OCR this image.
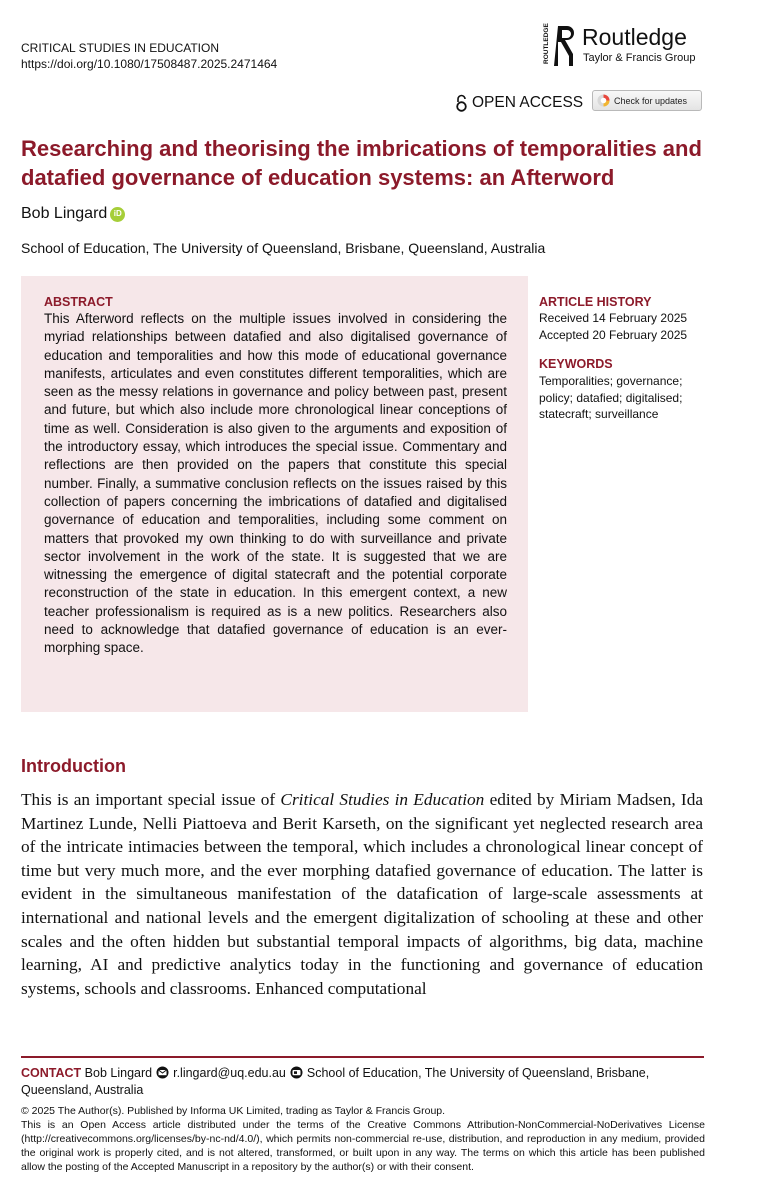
CRITICAL STUDIES IN EDUCATION
https://doi.org/10.1080/17508487.2025.2471464	ROUTLEDGE Routledge
Taylor & Francis Group
OPEN ACCESS	Check for updates
Researching and theorising the imbrications of temporalities and datafied governance of education systems: an Afterword
Bob Lingard iD
School of Education, The University of Queensland, Brisbane, Queensland, Australia
ABSTRACT

This Afterword reflects on the multiple issues involved in considering the myriad relationships between datafied and also digitalised governance of education and temporalities and how this mode of educational governance manifests, articulates and even constitutes different temporalities, which are seen as the messy relations in governance and policy between past, present and future, but which also include more chronological linear conceptions of time as well. Consideration is also given to the arguments and exposition of the introductory essay, which introduces the special issue. Commentary and reflections are then provided on the papers that constitute this special number. Finally, a summative conclusion reflects on the issues raised by this collection of papers concerning the imbrications of datafied and digitalised governance of education and temporalities, including some comment on matters that provoked my own thinking to do with surveillance and private sector involvement in the work of the state. It is suggested that we are witnessing the emergence of digital statecraft and the potential corporate reconstruction of the state in education. In this emergent context, a new teacher professionalism is required as is a new politics. Researchers also need to acknowledge that datafied governance of education is an ever-morphing space.

ARTICLE HISTORY
Received 14 February 2025
Accepted 20 February 2025
KEYWORDS
Temporalities; governance; policy; datafied; digitalised; statecraft; surveillance
Introduction

This is an important special issue of Critical Studies in Education edited by Miriam Madsen, Ida Martinez Lunde, Nelli Piattoeva and Berit Karseth, on the significant yet neglected research area of the intricate intimacies between the temporal, which includes a chronological linear concept of time but very much more, and the ever morphing datafied governance of education. The latter is evident in the simultaneous manifestation of the datafication of large-scale assessments at international and national levels and the emergent digitalization of schooling at these and other scales and the often hidden but substantial temporal impacts of algorithms, big data, machine learning, AI and predictive analytics today in the functioning and governance of education systems, schools and classrooms. Enhanced computational

CONTACT Bob Lingard r.lingard@uq.edu.au School of Education, The University of Queensland, Brisbane, Queensland, Australia

© 2025 The Author(s). Published by Informa UK Limited, trading as Taylor & Francis Group.

This is an Open Access article distributed under the terms of the Creative Commons Attribution-NonCommercial-NoDerivatives License (http://creativecommons.org/licenses/by-nc-nd/4.0/), which permits non-commercial re-use, distribution, and reproduction in any medium, provided the original work is properly cited, and is not altered, transformed, or built upon in any way. The terms on which this article has been published allow the posting of the Accepted Manuscript in a repository by the author(s) or with their consent.
